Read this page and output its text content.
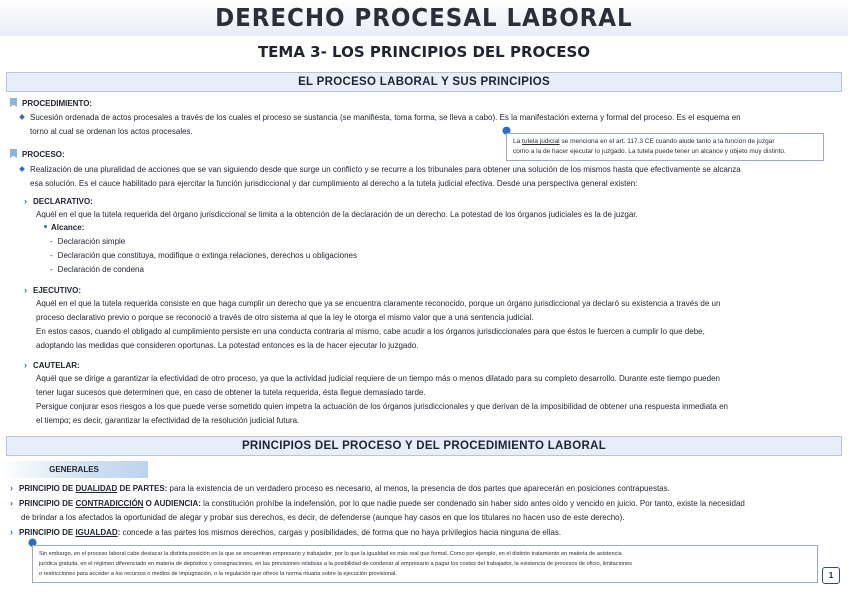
DERECHO PROCESAL LABORAL
TEMA 3- LOS PRINCIPIOS DEL PROCESO
EL PROCESO LABORAL Y SUS PRINCIPIOS
PROCEDIMIENTO:
Sucesión ordenada de actos procesales a través de los cuales el proceso se sustancia (se manifiesta, toma forma, se lleva a cabo). Es la manifestación externa y formal del proceso. Es el esquema en
torno al cual se ordenan los actos procesales.
La tutela judicial se menciona en el art. 117.3 CE cuando alude tanto a la función de juzgar
como a la de hacer ejecutar lo juzgado. La tutela puede tener un alcance y objeto muy distinto.
PROCESO:
Realización de una pluralidad de acciones que se van siguiendo desde que surge un conflicto y se recurre a los tribunales para obtener una solución de los mismos hasta que efectivamente se alcanza
esa solución. Es el cauce habilitado para ejercitar la función jurisdiccional y dar cumplimiento al derecho a la tutela judicial efectiva. Desde una perspectiva general existen:
› DECLARATIVO:
Aquél en el que la tutela requerida del órgano jurisdiccional se limita a la obtención de la declaración de un derecho. La potestad de los órganos judiciales es la de juzgar.
Alcance:
- Declaración simple
- Declaración que constituya, modifique o extinga relaciones, derechos u obligaciones
- Declaración de condena
› EJECUTIVO:
Aquél en el que la tutela requerida consiste en que haga cumplir un derecho que ya se encuentra claramente reconocido, porque un órgano jurisdiccional ya declaró su existencia a través de un
proceso declarativo previo o porque se reconoció a través de otro sistema al que la ley le otorga el mismo valor que a una sentencia judicial.
En estos casos, cuando el obligado al cumplimiento persiste en una conducta contraria al mismo, cabe acudir a los órganos jurisdiccionales para que éstos le fuercen a cumplir lo que debe,
adoptando las medidas que consideren oportunas. La potestad entonces es la de hacer ejecutar lo juzgado.
› CAUTELAR:
Aquél que se dirige a garantizar la efectividad de otro proceso, ya que la actividad judicial requiere de un tiempo más o menos dilatado para su completo desarrollo. Durante este tiempo pueden
tener lugar sucesos que determinen que, en caso de obtener la tutela requerida, ésta llegue demasiado tarde.
Persigue conjurar esos riesgos a los que puede verse sometido quien impetra la actuación de los órganos jurisdiccionales y que derivan de la imposibilidad de obtener una respuesta inmediata en
el tiempo; es decir, garantizar la efectividad de la resolución judicial futura.
PRINCIPIOS DEL PROCESO Y DEL PROCEDIMIENTO LABORAL
GENERALES
› PRINCIPIO DE DUALIDAD DE PARTES: para la existencia de un verdadero proceso es necesario, al menos, la presencia de dos partes que aparecerán en posiciones contrapuestas.
› PRINCIPIO DE CONTRADICCIÓN O AUDIENCIA: la constitución prohíbe la indefensión, por lo que nadie puede ser condenado sin haber sido antes oído y vencido en juicio. Por tanto, existe la necesidad
de brindar a los afectados la oportunidad de alegar y probar sus derechos, es decir, de defenderse (aunque hay casos en que los titulares no hacen uso de este derecho).
› PRINCIPIO DE IGUALDAD: concede a las partes los mismos derechos, cargas y posibilidades, de forma que no haya privilegios hacia ninguna de ellas.
Sin embargo, en el proceso laboral cabe destacar la distinta posición en la que se encuentran empresario y trabajador, por lo que la igualdad es más real que formal. Como por ejemplo, en el distinto tratamiento en materia de asistencia
jurídica gratuita, en el régimen diferenciado en materia de depósitos y consignaciones, en las previsiones relativas a la posibilidad de condenar al empresario a pagar los costes del trabajador, la existencia de procesos de oficio, limitaciones
o restricciones para acceder a los recursos o medios de impugnación, o la regulación que ofrece la norma rituaria sobre la ejecución provisional.	1
